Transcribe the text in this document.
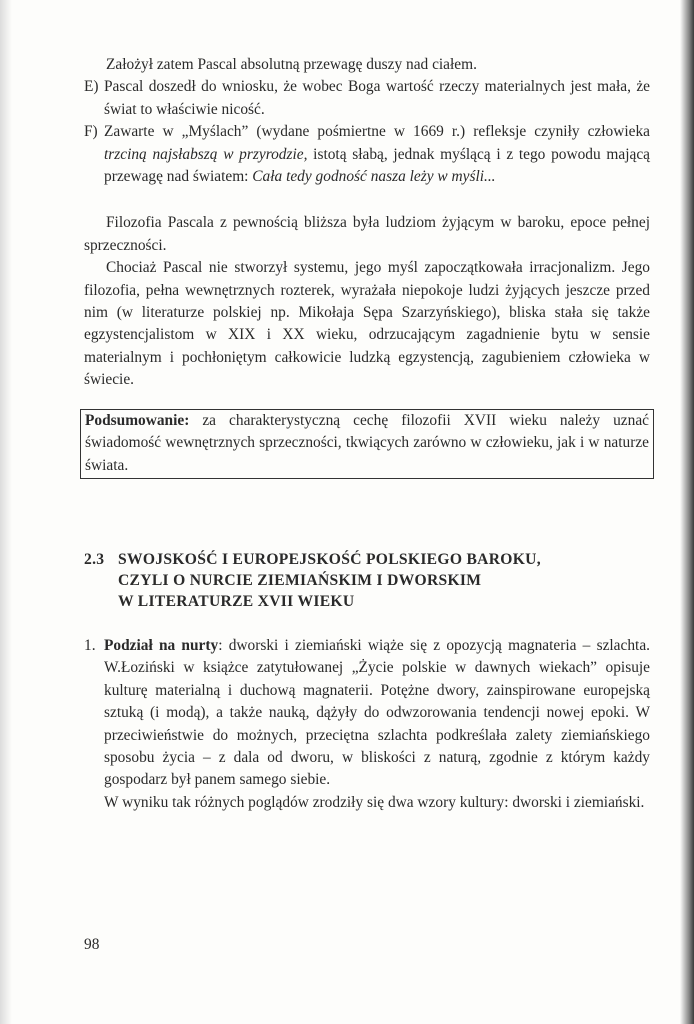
Założył zatem Pascal absolutną przewagę duszy nad ciałem.

E) Pascal doszedł do wniosku, że wobec Boga wartość rzeczy materialnych jest mała, że świat to właściwie nicość.

F) Zawarte w „Myślach” (wydane pośmiertne w 1669 r.) refleksje czyniły człowieka trzciną najsłabszą w przyrodzie, istotą słabą, jednak myślącą i z tego powodu mającą przewagę nad światem: Cała tedy godność nasza leży w myśli...

Filozofia Pascala z pewnością bliższa była ludziom żyjącym w baroku, epoce pełnej sprzeczności.

Chociaż Pascal nie stworzył systemu, jego myśl zapoczątkowała irracjonalizm. Jego filozofia, pełna wewnętrznych rozterek, wyrażała niepokoje ludzi żyjących jeszcze przed nim (w literaturze polskiej np. Mikołaja Sępa Szarzyńskiego), bliska stała się także egzystencjalistom w XIX i XX wieku, odrzucającym zagadnienie bytu w sensie materialnym i pochłoniętym całkowicie ludzką egzystencją, zagubieniem człowieka w świecie.

Podsumowanie: za charakterystyczną cechę filozofii XVII wieku należy uznać świadomość wewnętrznych sprzeczności, tkwiących zarówno w człowieku, jak i w naturze świata.

2.3 SWOJSKOŚĆ I EUROPEJSKOŚĆ POLSKIEGO BAROKU,
CZYLI O NURCIE ZIEMIAŃSKIM I DWORSKIM
W LITERATURZE XVII WIEKU

1. Podział na nurty: dworski i ziemiański wiąże się z opozycją magnateria – szlachta. W.Łoziński w książce zatytułowanej „Życie polskie w dawnych wiekach” opisuje kulturę materialną i duchową magnaterii. Potężne dwory, zainspirowane europejską sztuką (i modą), a także nauką, dążyły do odwzorowania tendencji nowej epoki. W przeciwieństwie do możnych, przeciętna szlachta podkreślała zalety ziemiańskiego sposobu życia – z dala od dworu, w bliskości z naturą, zgodnie z którym każdy gospodarz był panem samego siebie.

W wyniku tak różnych poglądów zrodziły się dwa wzory kultury: dworski i ziemiański.

98
